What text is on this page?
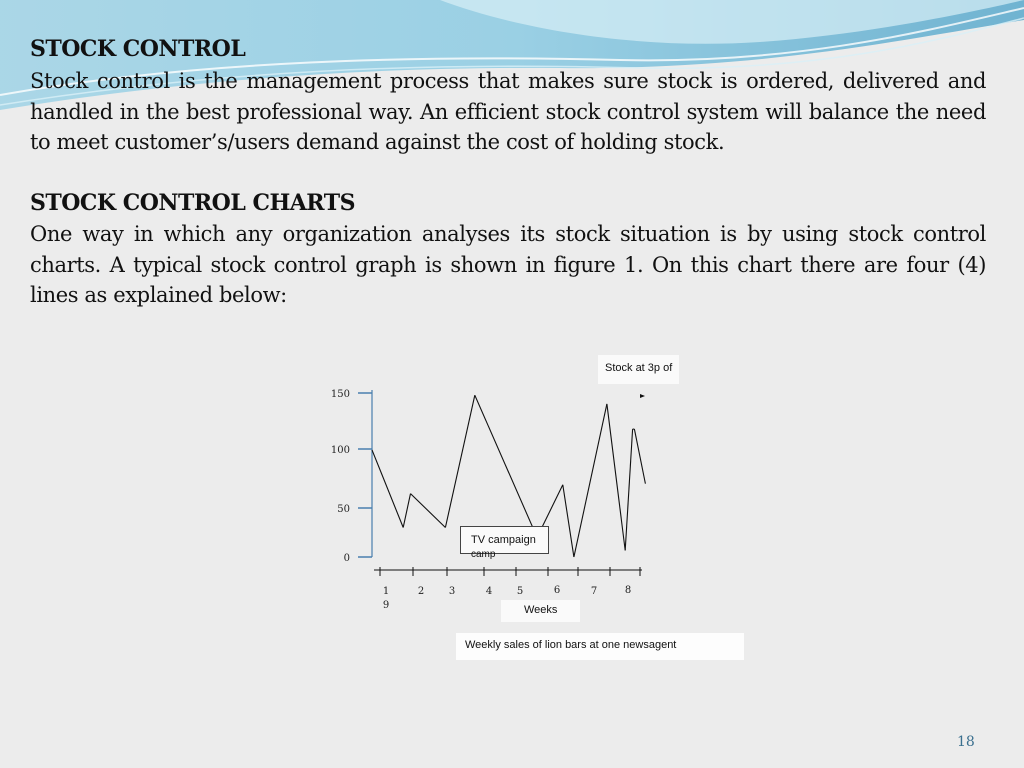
STOCK CONTROL
Stock control is the management process that makes sure stock is ordered, delivered and handled in the best professional way. An efficient stock control system will balance the need to meet customer’s/users demand against the cost of holding stock.
STOCK CONTROL CHARTS
One way in which any organization analyses its stock situation is by using stock control charts. A typical stock control graph is shown in figure 1. On this chart there are four (4) lines as explained below:
0
50
100
150
1	2 3	4 5	6	7	8
9
Stock at 3p of
TV campaign
camp
Weeks
Weekly sales of lion bars at one newsagent
18
